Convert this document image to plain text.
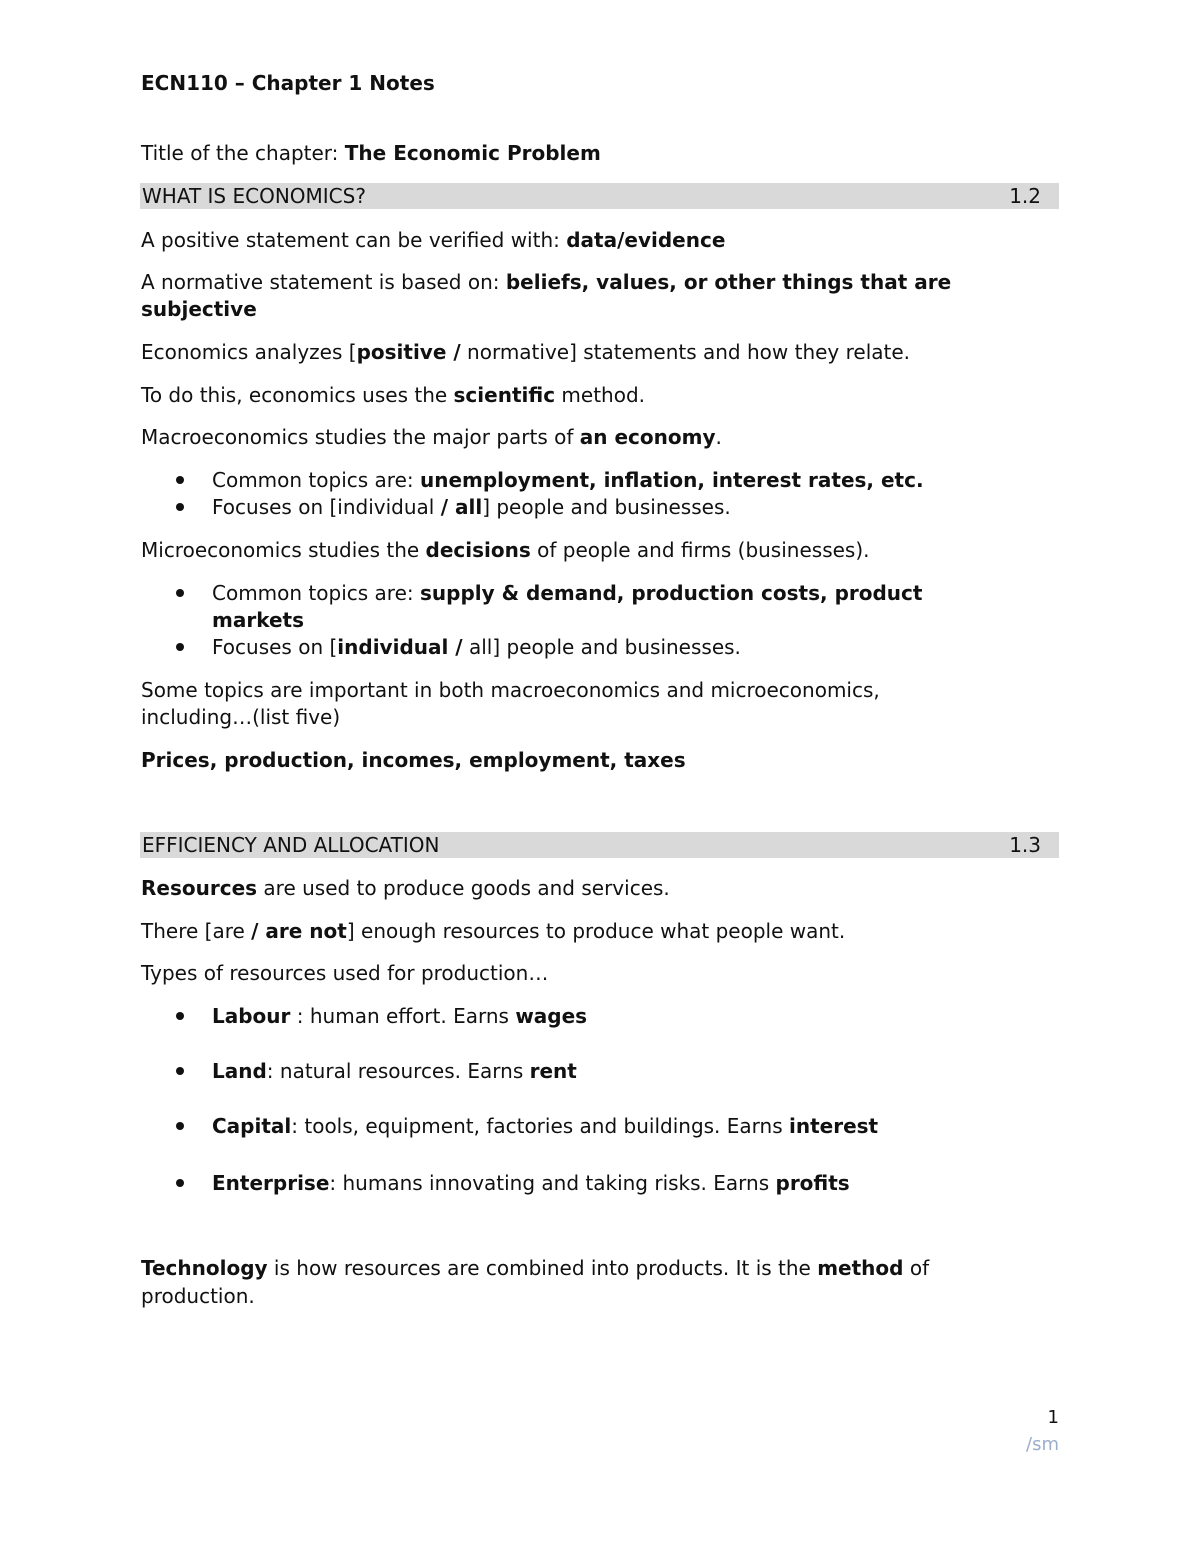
ECN110 – Chapter 1 Notes
Title of the chapter: The Economic Problem
WHAT IS ECONOMICS?	1.2
A positive statement can be verified with: data/evidence
A normative statement is based on: beliefs, values, or other things that are
subjective
Economics analyzes [positive / normative] statements and how they relate.
To do this, economics uses the scientific method.
Macroeconomics studies the major parts of an economy.
Common topics are: unemployment, inflation, interest rates, etc.
Focuses on [individual / all] people and businesses.
Microeconomics studies the decisions of people and firms (businesses).
Common topics are: supply & demand, production costs, product
markets
Focuses on [individual / all] people and businesses.
Some topics are important in both macroeconomics and microeconomics,
including…(list five)
Prices, production, incomes, employment, taxes
EFFICIENCY AND ALLOCATION	1.3
Resources are used to produce goods and services.
There [are / are not] enough resources to produce what people want.
Types of resources used for production…
Labour : human effort. Earns wages
Land: natural resources. Earns rent
Capital: tools, equipment, factories and buildings. Earns interest
Enterprise: humans innovating and taking risks. Earns profits
Technology is how resources are combined into products. It is the method of
production.
1
/sm
